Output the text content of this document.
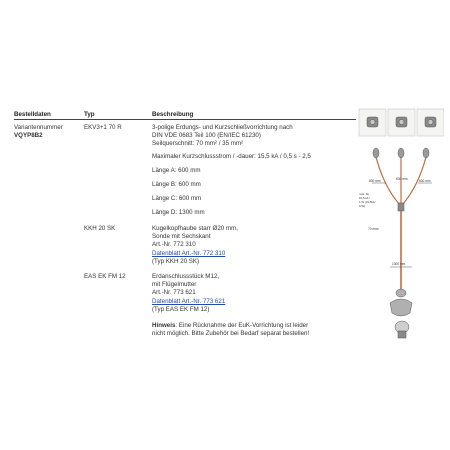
Bestelldaten	Typ	Beschreibung
Variantennummer
VQYP8B2
EKV3+1 70 R	3-polige Erdungs- und Kurzschließvorrichtung nach
DIN VDE 0683 Teil 100 (EN/IEC 61230)
Seilquerschnitt: 70 mm² / 35 mm²
Maximaler Kurzschlussstrom / -dauer: 15,5 kA / 0,5 s - 2,5
Länge A: 600 mm
Länge B: 600 mm
Länge C: 600 mm
Länge D: 1300 mm
KKH 20 SK	Kugelkopfhaube starr Ø20 mm,
Sonde mit Sechskant
Art.-Nr. 772 310
Datenblatt Art.-Nr. 772 310
(Typ KKH 20 SK)
EAS EK FM 12	Erdanschlussstück M12,
mit Flügelmutter
Art.-Nr. 773 621
Datenblatt Art.-Nr. 773 621
(Typ EAS EK FM 12)
Hinweis: Eine Rücknahme der EuK-Vorrichtung ist leider
nicht möglich. Bitte Zubehör bei Bedarf separat bestellen!
600 mm	600 mm	600 mm
max. für
10,5 kA /
1,5s (31,5kA/
0,5s)
70 mm²
1300 mm
